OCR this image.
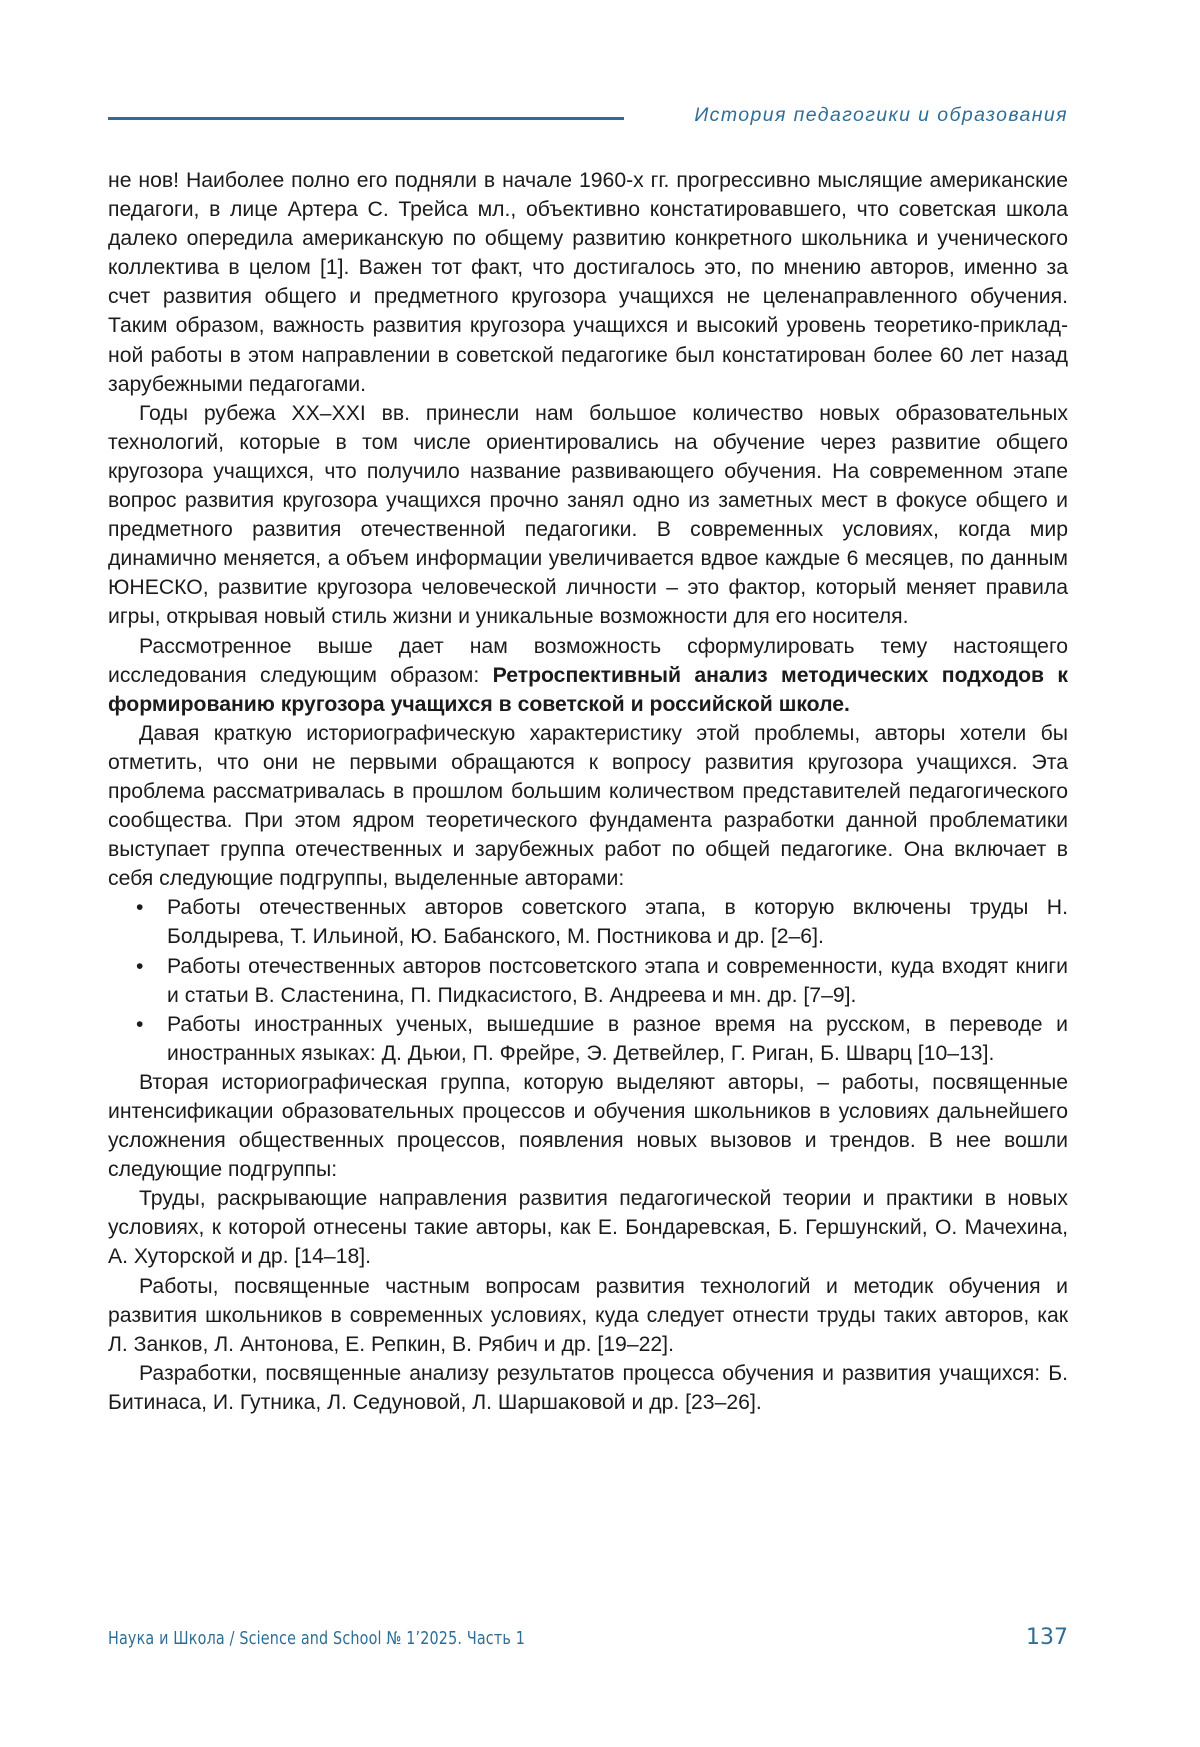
История педагогики и образования

не нов! Наиболее полно его подняли в начале 1960-х гг. прогрессивно мыслящие американские педагоги, в лице Артера С. Трейса мл., объективно констатировавшего, что советская школа далеко опередила американскую по общему развитию конкретного школьника и ученического коллектива в целом [1]. Важен тот факт, что достигалось это, по мнению авторов, именно за счет развития общего и предметного кругозора учащихся не целенаправленного обучения. Таким образом, важность развития кругозора учащихся и высокий уровень теоретико-прикладной работы в этом направлении в советской педагогике был констатирован более 60 лет назад зарубежными педагогами.

Годы рубежа XX–XXI вв. принесли нам большое количество новых образовательных технологий, которые в том числе ориентировались на обучение через развитие общего кругозора учащихся, что получило название развивающего обучения. На современном этапе вопрос развития кругозора учащихся прочно занял одно из заметных мест в фокусе общего и предметного развития отечественной педагогики. В современных условиях, когда мир динамично меняется, а объем информации увеличивается вдвое каждые 6 месяцев, по данным ЮНЕСКО, развитие кругозора человеческой личности – это фактор, который меняет правила игры, открывая новый стиль жизни и уникальные возможности для его носителя.

Рассмотренное выше дает нам возможность сформулировать тему настоящего исследования следующим образом: Ретроспективный анализ методических подходов к формированию кругозора учащихся в советской и российской школе.

Давая краткую историографическую характеристику этой проблемы, авторы хотели бы отметить, что они не первыми обращаются к вопросу развития кругозора учащихся. Эта проблема рассматривалась в прошлом большим количеством представителей педагогического сообщества. При этом ядром теоретического фундамента разработки данной проблематики выступает группа отечественных и зарубежных работ по общей педагогике. Она включает в себя следующие подгруппы, выделенные авторами:

• Работы отечественных авторов советского этапа, в которую включены труды Н. Болдырева, Т. Ильиной, Ю. Бабанского, М. Постникова и др. [2–6].
• Работы отечественных авторов постсоветского этапа и современности, куда входят книги и статьи В. Сластенина, П. Пидкасистого, В. Андреева и мн. др. [7–9].
• Работы иностранных ученых, вышедшие в разное время на русском, в переводе и иностранных языках: Д. Дьюи, П. Фрейре, Э. Детвейлер, Г. Риган, Б. Шварц [10–13].

Вторая историографическая группа, которую выделяют авторы, – работы, посвященные интенсификации образовательных процессов и обучения школьников в условиях дальнейшего усложнения общественных процессов, появления новых вызовов и трендов. В нее вошли следующие подгруппы:

Труды, раскрывающие направления развития педагогической теории и практики в новых условиях, к которой отнесены такие авторы, как Е. Бондаревская, Б. Гершунский, О. Мачехина, А. Хуторской и др. [14–18].

Работы, посвященные частным вопросам развития технологий и методик обучения и развития школьников в современных условиях, куда следует отнести труды таких авторов, как Л. Занков, Л. Антонова, Е. Репкин, В. Рябич и др. [19–22].

Разработки, посвященные анализу результатов процесса обучения и развития учащихся: Б. Битинаса, И. Гутника, Л. Седуновой, Л. Шаршаковой и др. [23–26].

Наука и Школа / Science and School № 1’2025. Часть 1	137
